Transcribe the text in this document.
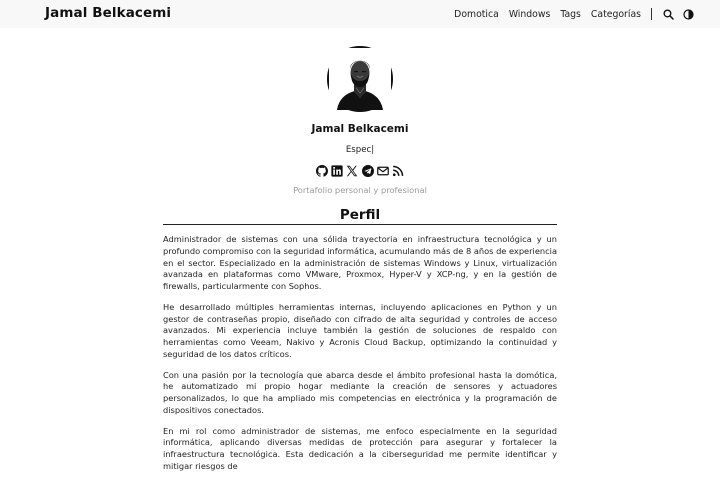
Jamal Belkacemi	Domotica Windows Tags Categorías
Jamal Belkacemi
Espec|
Portafolio personal y profesional
Perfil

Administrador de sistemas con una sólida trayectoria en infraestructura tecnológica y un profundo compromiso con la seguridad informática, acumulando más de 8 años de experiencia en el sector. Especializado en la administración de sistemas Windows y Linux, virtualización avanzada en plataformas como VMware, Proxmox, Hyper-V y XCP-ng, y en la gestión de firewalls, particularmente con Sophos.

He desarrollado múltiples herramientas internas, incluyendo aplicaciones en Python y un gestor de contraseñas propio, diseñado con cifrado de alta seguridad y controles de acceso avanzados. Mi experiencia incluye también la gestión de soluciones de respaldo con herramientas como Veeam, Nakivo y Acronis Cloud Backup, optimizando la continuidad y seguridad de los datos críticos.

Con una pasión por la tecnología que abarca desde el ámbito profesional hasta la domótica, he automatizado mi propio hogar mediante la creación de sensores y actuadores personalizados, lo que ha ampliado mis competencias en electrónica y la programación de dispositivos conectados.

En mi rol como administrador de sistemas, me enfoco especialmente en la seguridad informática, aplicando diversas medidas de protección para asegurar y fortalecer la infraestructura tecnológica. Esta dedicación a la ciberseguridad me permite identificar y mitigar riesgos de
